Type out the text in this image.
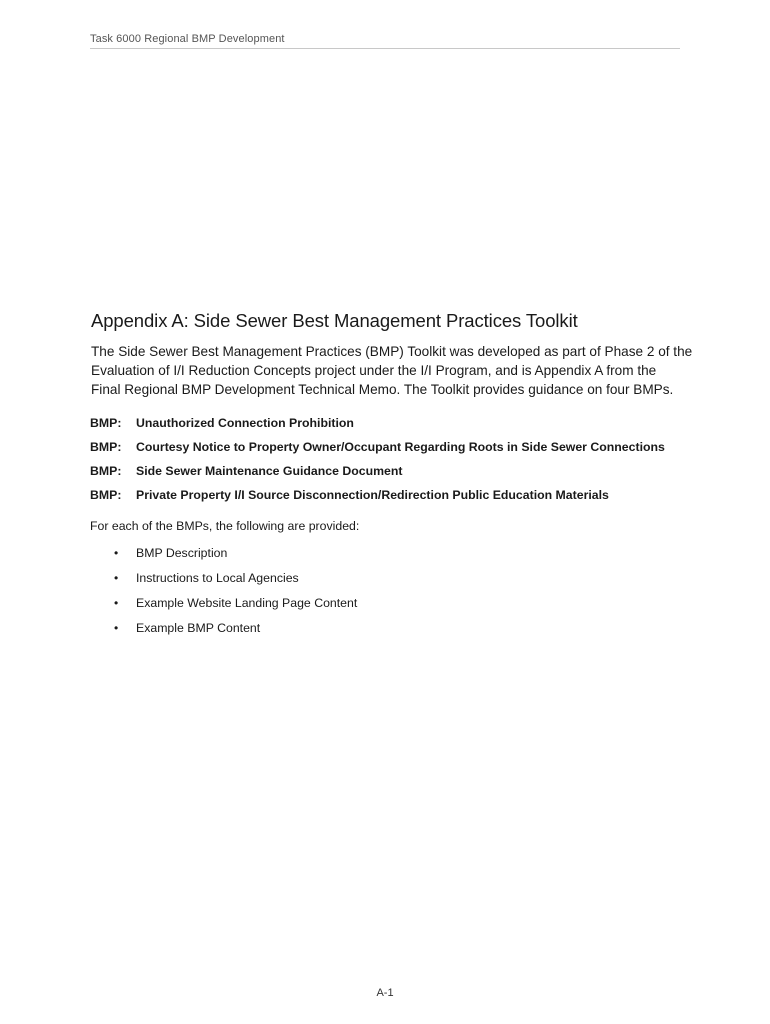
Task 6000 Regional BMP Development
Appendix A: Side Sewer Best Management Practices Toolkit

The Side Sewer Best Management Practices (BMP) Toolkit was developed as part of Phase 2 of the
Evaluation of I/I Reduction Concepts project under the I/I Program, and is Appendix A from the
Final Regional BMP Development Technical Memo. The Toolkit provides guidance on four BMPs.

BMP:	Unauthorized Connection Prohibition
BMP:	Courtesy Notice to Property Owner/Occupant Regarding Roots in Side Sewer Connections
BMP:	Side Sewer Maintenance Guidance Document
BMP:	Private Property I/I Source Disconnection/Redirection Public Education Materials

For each of the BMPs, the following are provided:

• BMP Description
• Instructions to Local Agencies
• Example Website Landing Page Content
• Example BMP Content
A-1
